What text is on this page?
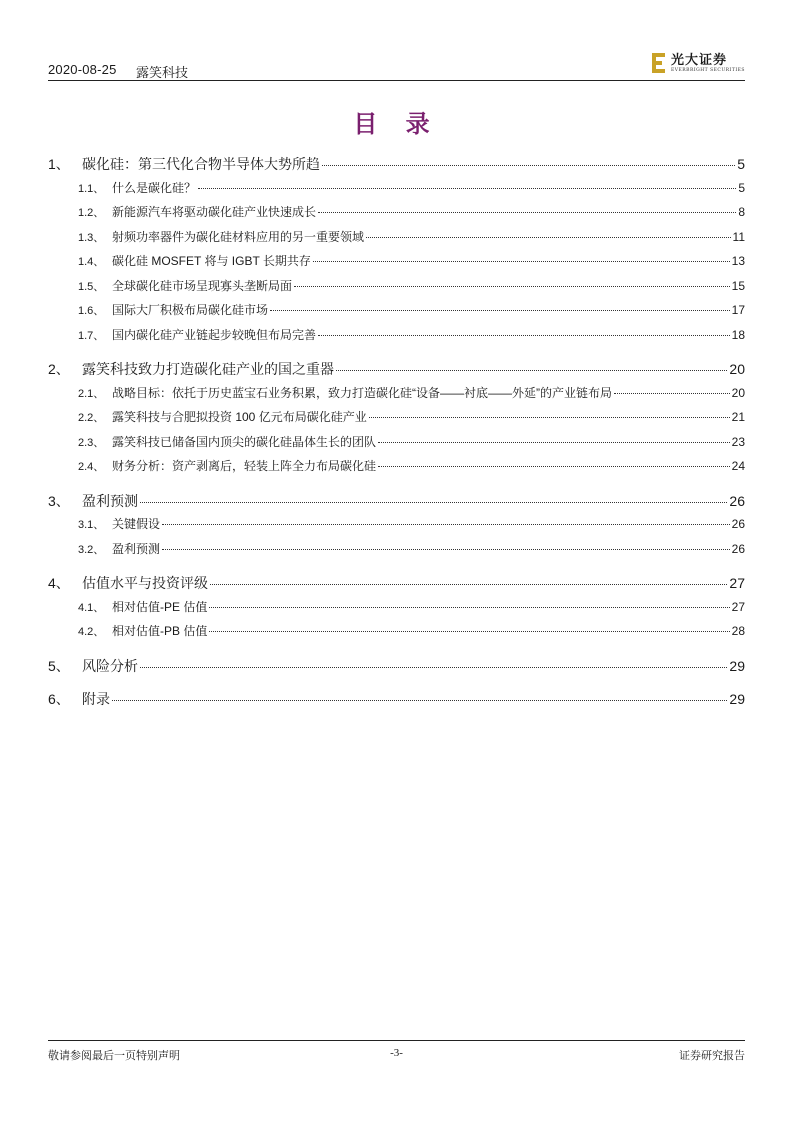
2020-08-25 露笑科技
光大证券
EVERBRIGHT SECURITIES
目 录
1、 碳化硅：第三代化合物半导体大势所趋	5
1.1、 什么是碳化硅？	5
1.2、 新能源汽车将驱动碳化硅产业快速成长	8
1.3、 射频功率器件为碳化硅材料应用的另一重要领域	11
1.4、 碳化硅 MOSFET 将与 IGBT 长期共存	13
1.5、 全球碳化硅市场呈现寡头垄断局面	15
1.6、 国际大厂积极布局碳化硅市场	17
1.7、 国内碳化硅产业链起步较晚但布局完善	18
2、 露笑科技致力打造碳化硅产业的国之重器	20
2.1、 战略目标：依托于历史蓝宝石业务积累，致力打造碳化硅“设备——衬底——外延”的产业链布局	20
2.2、 露笑科技与合肥拟投资 100 亿元布局碳化硅产业	21
2.3、 露笑科技已储备国内顶尖的碳化硅晶体生长的团队	23
2.4、 财务分析：资产剥离后，轻装上阵全力布局碳化硅	24
3、 盈利预测	26
3.1、 关键假设	26
3.2、 盈利预测	26
4、 估值水平与投资评级	27
4.1、 相对估值-PE 估值	27
4.2、 相对估值-PB 估值	28
5、 风险分析	29
6、 附录	29
敬请参阅最后一页特别声明	-3-	证券研究报告
